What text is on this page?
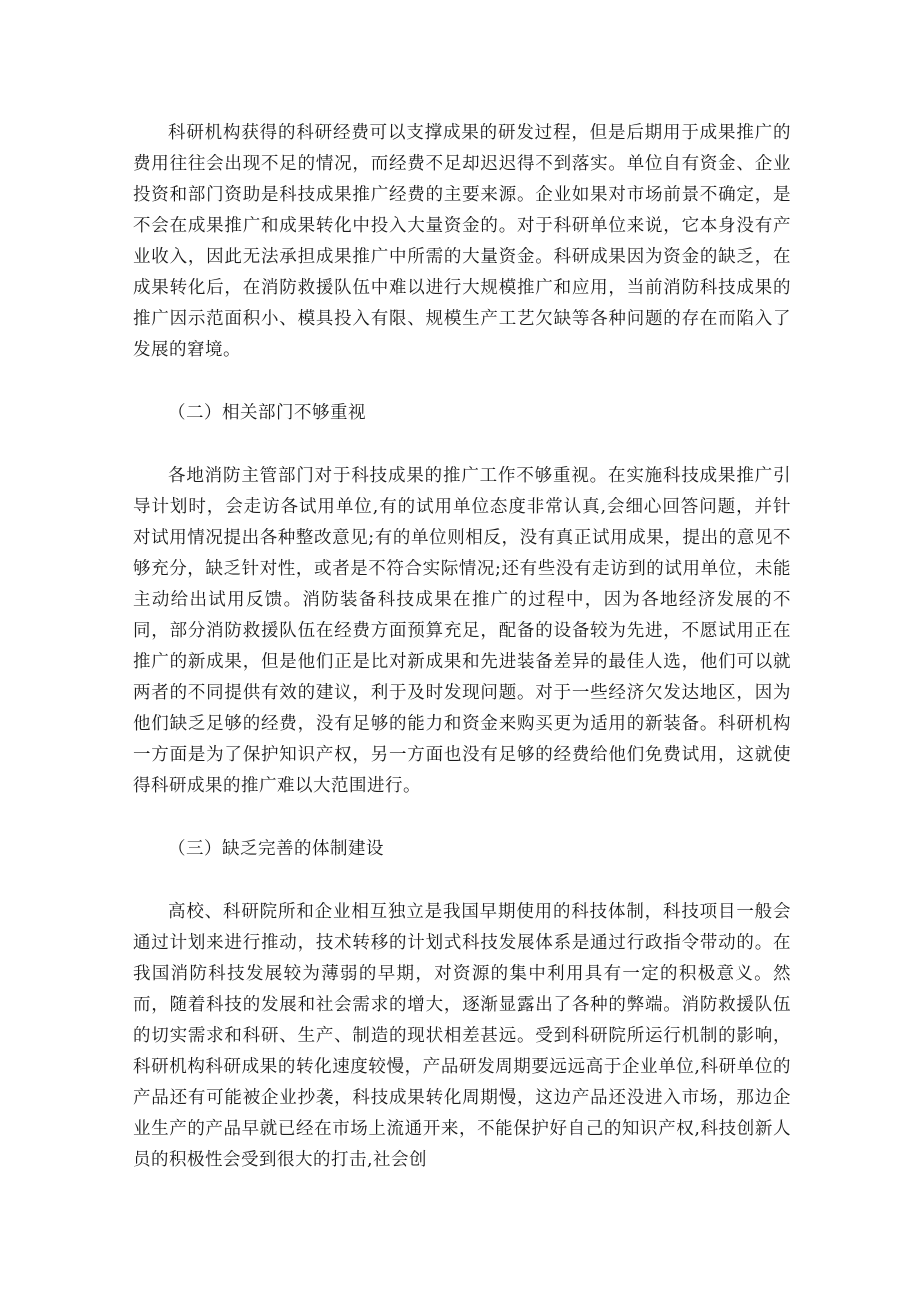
科研机构获得的科研经费可以支撑成果的研发过程，但是后期用于成果推广的费用往往会出现不足的情况，而经费不足却迟迟得不到落实。单位自有资金、企业投资和部门资助是科技成果推广经费的主要来源。企业如果对市场前景不确定，是不会在成果推广和成果转化中投入大量资金的。对于科研单位来说，它本身没有产业收入，因此无法承担成果推广中所需的大量资金。科研成果因为资金的缺乏，在成果转化后，在消防救援队伍中难以进行大规模推广和应用，当前消防科技成果的推广因示范面积小、模具投入有限、规模生产工艺欠缺等各种问题的存在而陷入了发展的窘境。

（二）相关部门不够重视

各地消防主管部门对于科技成果的推广工作不够重视。在实施科技成果推广引导计划时，会走访各试用单位,有的试用单位态度非常认真,会细心回答问题，并针对试用情况提出各种整改意见;有的单位则相反，没有真正试用成果，提出的意见不够充分，缺乏针对性，或者是不符合实际情况;还有些没有走访到的试用单位，未能主动给出试用反馈。消防装备科技成果在推广的过程中，因为各地经济发展的不同，部分消防救援队伍在经费方面预算充足，配备的设备较为先进，不愿试用正在推广的新成果，但是他们正是比对新成果和先进装备差异的最佳人选，他们可以就两者的不同提供有效的建议，利于及时发现问题。对于一些经济欠发达地区，因为他们缺乏足够的经费，没有足够的能力和资金来购买更为适用的新装备。科研机构一方面是为了保护知识产权，另一方面也没有足够的经费给他们免费试用，这就使得科研成果的推广难以大范围进行。

（三）缺乏完善的体制建设

高校、科研院所和企业相互独立是我国早期使用的科技体制，科技项目一般会通过计划来进行推动，技术转移的计划式科技发展体系是通过行政指令带动的。在我国消防科技发展较为薄弱的早期，对资源的集中利用具有一定的积极意义。然而，随着科技的发展和社会需求的增大，逐渐显露出了各种的弊端。消防救援队伍的切实需求和科研、生产、制造的现状相差甚远。受到科研院所运行机制的影响，科研机构科研成果的转化速度较慢，产品研发周期要远远高于企业单位,科研单位的产品还有可能被企业抄袭，科技成果转化周期慢，这边产品还没进入市场，那边企业生产的产品早就已经在市场上流通开来，不能保护好自己的知识产权,科技创新人员的积极性会受到很大的打击,社会创
